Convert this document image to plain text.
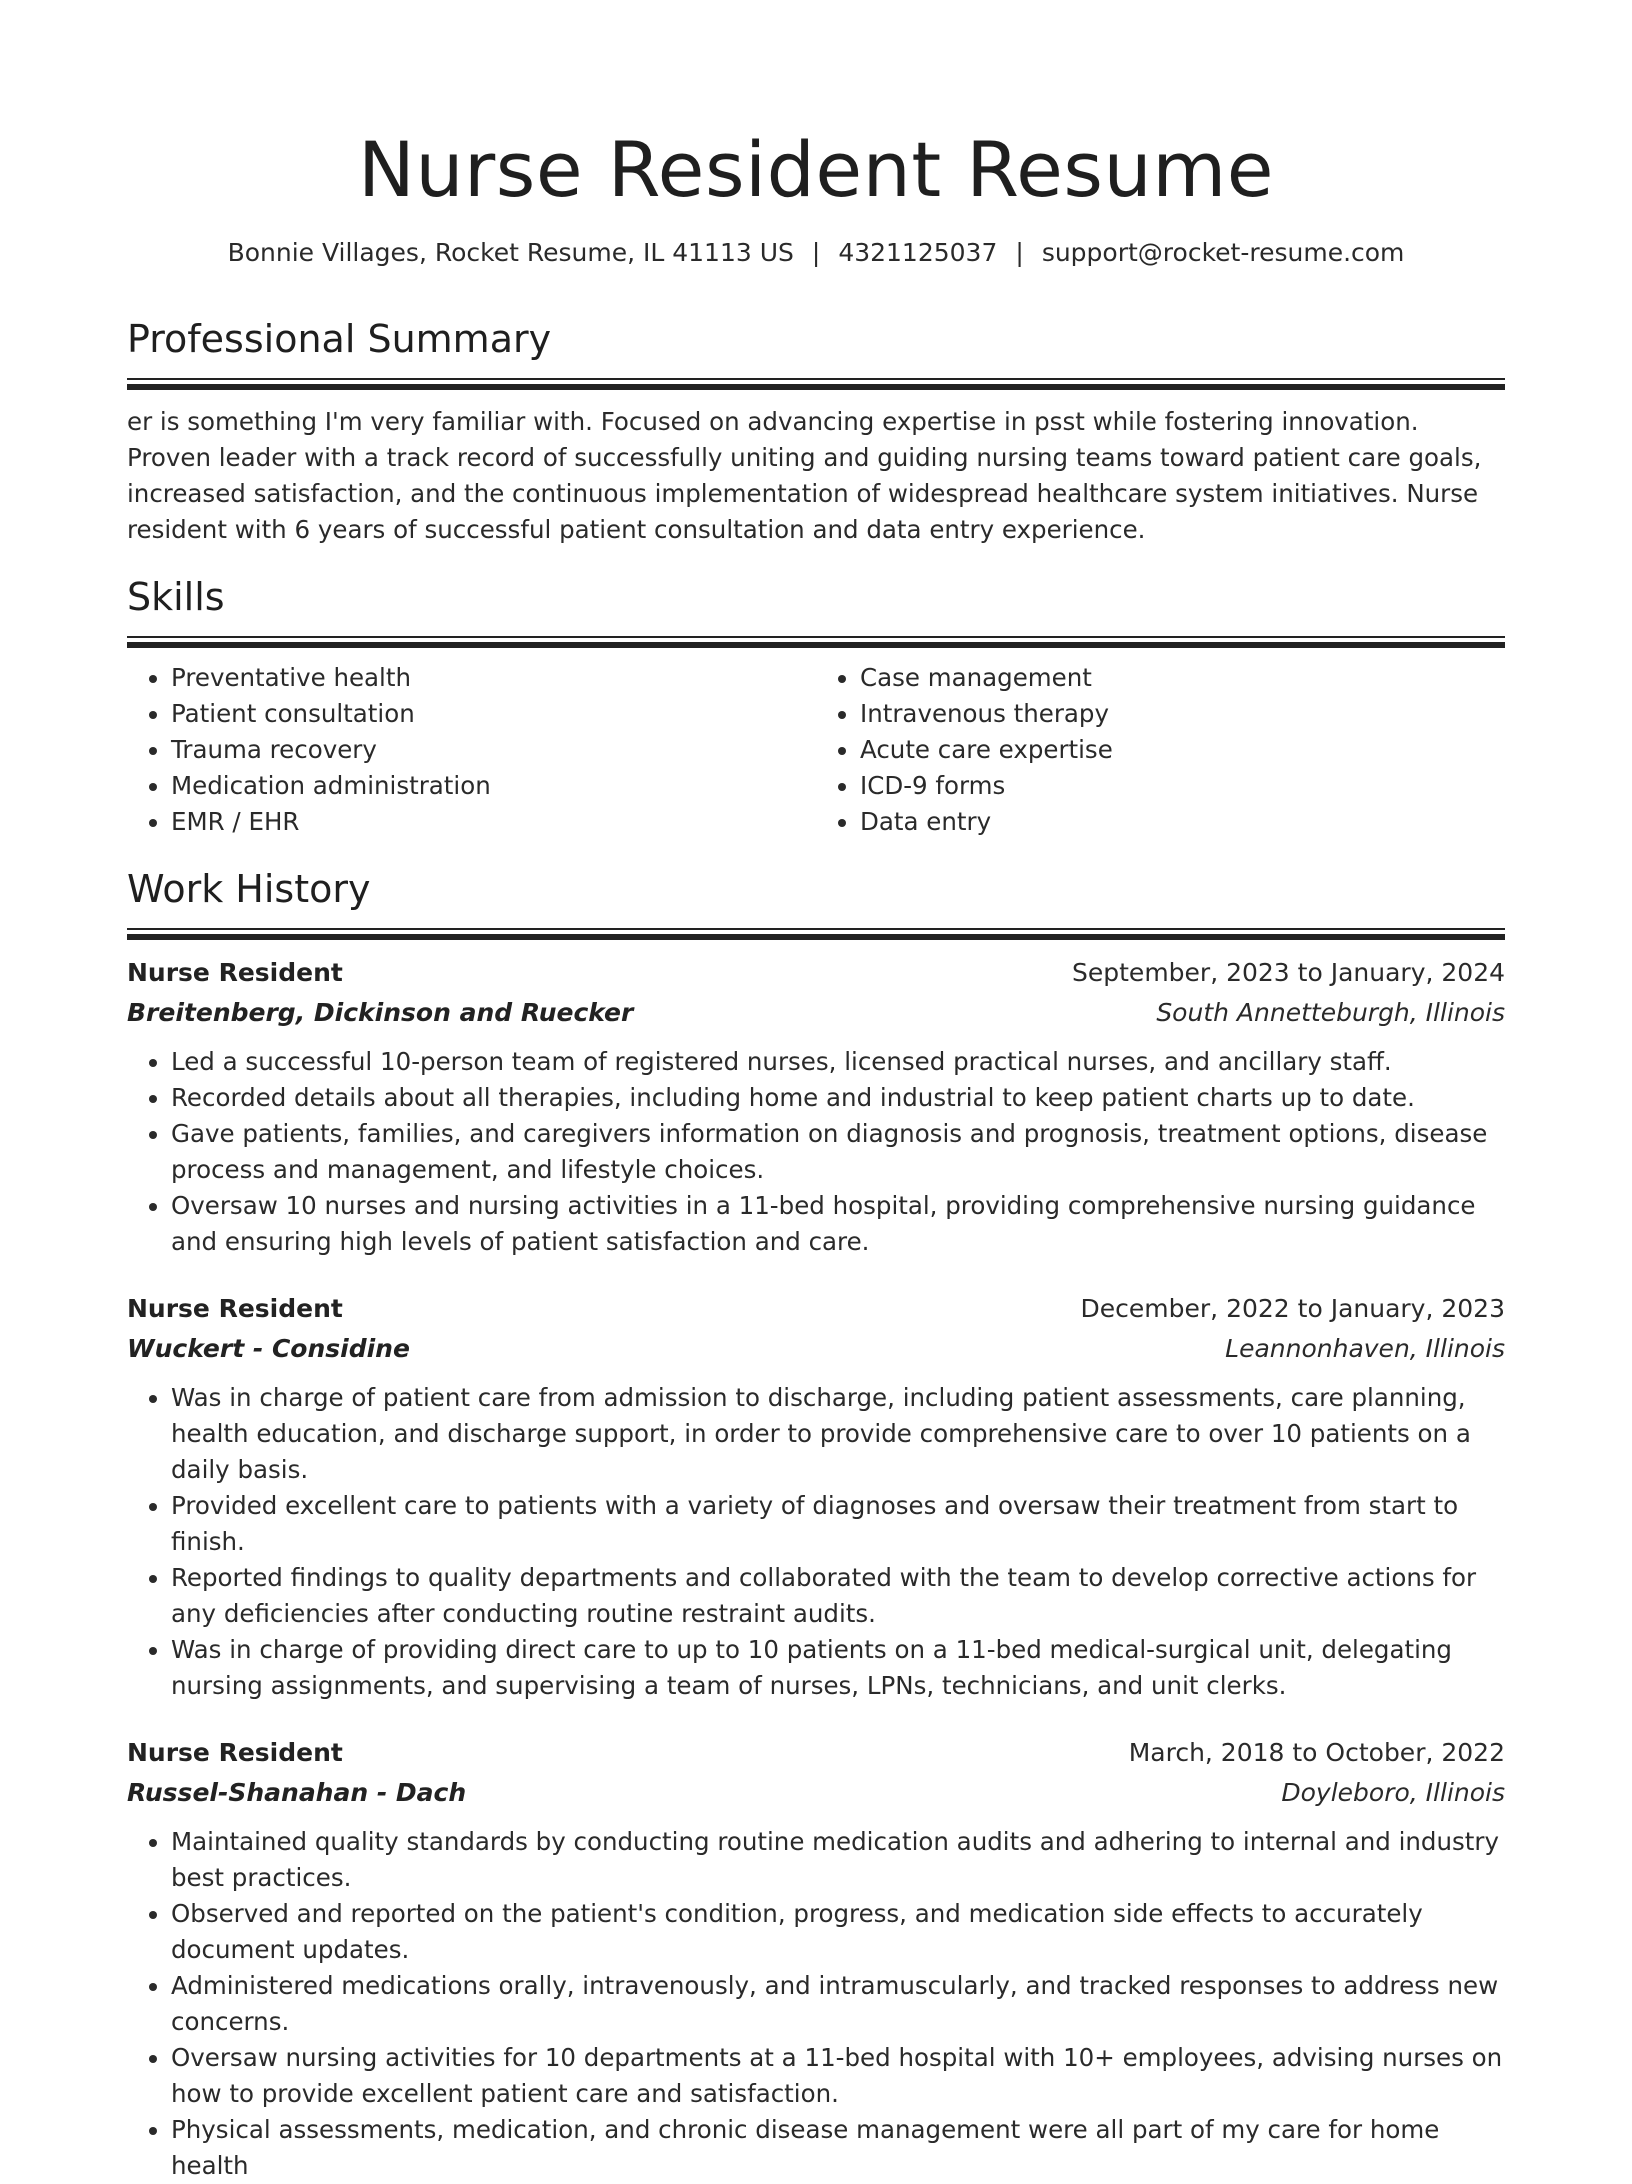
Nurse Resident Resume
Bonnie Villages, Rocket Resume, IL 41113 US | 4321125037 | support@rocket-resume.com
Professional Summary
er is something I'm very familiar with. Focused on advancing expertise in psst while fostering innovation. Proven leader with a track record of successfully uniting and guiding nursing teams toward patient care goals, increased satisfaction, and the continuous implementation of widespread healthcare system initiatives. Nurse resident with 6 years of successful patient consultation and data entry experience.
Skills
• Preventative health
• Patient consultation
• Trauma recovery
• Medication administration
• EMR / EHR
• Case management
• Intravenous therapy
• Acute care expertise
• ICD-9 forms
• Data entry
Work History
Nurse Resident	September, 2023 to January, 2024
Breitenberg, Dickinson and Ruecker	South Annetteburgh, Illinois
• Led a successful 10-person team of registered nurses, licensed practical nurses, and ancillary staff.
• Recorded details about all therapies, including home and industrial to keep patient charts up to date.
• Gave patients, families, and caregivers information on diagnosis and prognosis, treatment options, disease process and management, and lifestyle choices.
• Oversaw 10 nurses and nursing activities in a 11-bed hospital, providing comprehensive nursing guidance and ensuring high levels of patient satisfaction and care.
Nurse Resident	December, 2022 to January, 2023
Wuckert - Considine	Leannonhaven, Illinois
• Was in charge of patient care from admission to discharge, including patient assessments, care planning, health education, and discharge support, in order to provide comprehensive care to over 10 patients on a daily basis.
• Provided excellent care to patients with a variety of diagnoses and oversaw their treatment from start to finish.
• Reported findings to quality departments and collaborated with the team to develop corrective actions for any deficiencies after conducting routine restraint audits.
• Was in charge of providing direct care to up to 10 patients on a 11-bed medical-surgical unit, delegating nursing assignments, and supervising a team of nurses, LPNs, technicians, and unit clerks.
Nurse Resident	March, 2018 to October, 2022
Russel-Shanahan - Dach	Doyleboro, Illinois
• Maintained quality standards by conducting routine medication audits and adhering to internal and industry best practices.
• Observed and reported on the patient's condition, progress, and medication side effects to accurately document updates.
• Administered medications orally, intravenously, and intramuscularly, and tracked responses to address new concerns.
• Oversaw nursing activities for 10 departments at a 11-bed hospital with 10+ employees, advising nurses on how to provide excellent patient care and satisfaction.
• Physical assessments, medication, and chronic disease management were all part of my care for home health
